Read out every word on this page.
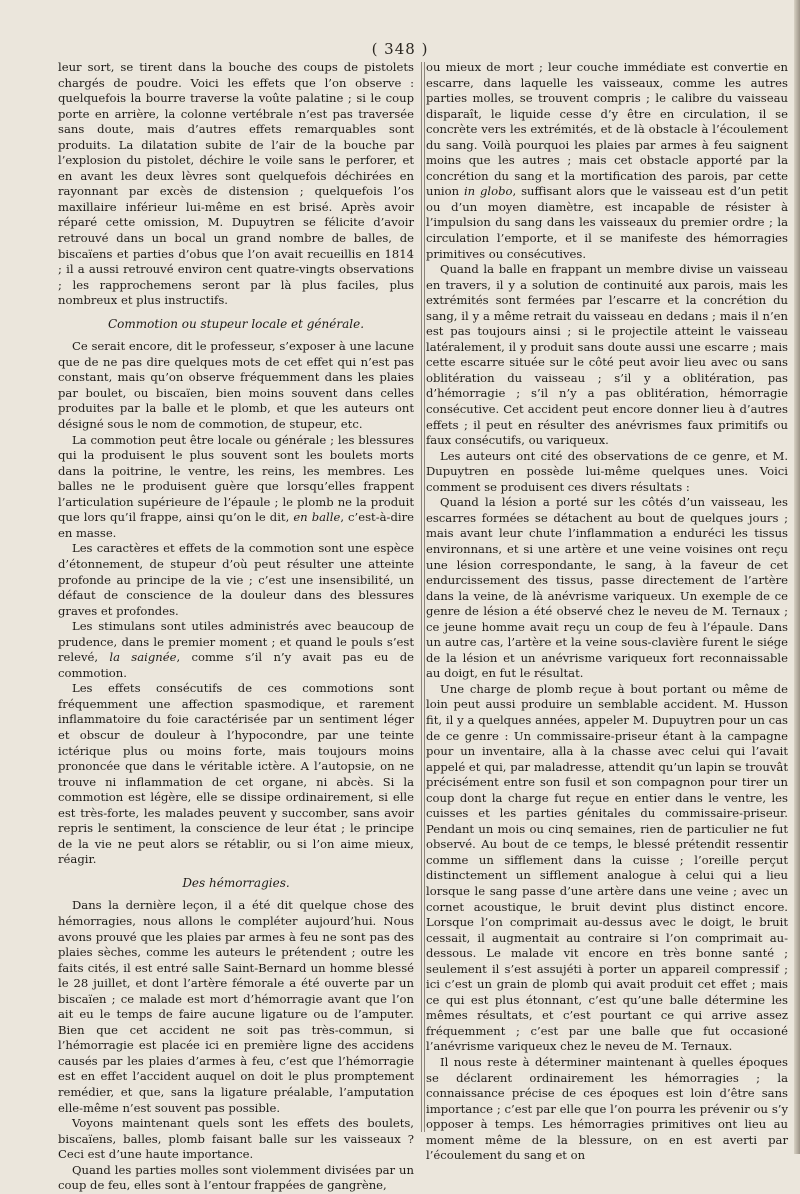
( 348 )

leur sort, se tirent dans la bouche des coups de pistolets chargés de poudre. Voici les effets que l’on observe : quelquefois la bourre traverse la voûte palatine ; si le coup porte en arrière, la colonne vertébrale n’est pas traversée sans doute, mais d’autres effets remarquables sont produits. La dilatation subite de l’air de la bouche par l’explosion du pistolet, déchire le voile sans le perforer, et en avant les deux lèvres sont quelquefois déchirées en rayonnant par excès de distension ; quelquefois l’os maxillaire inférieur lui-même en est brisé. Après avoir réparé cette omission, M. Dupuytren se félicite d’avoir retrouvé dans un bocal un grand nombre de balles, de biscaïens et parties d’obus que l’on avait recueillis en 1814 ; il a aussi retrouvé environ cent quatre-vingts observations ; les rapprochemens seront par là plus faciles, plus nombreux et plus instructifs.

Commotion ou stupeur locale et générale.

Ce serait encore, dit le professeur, s’exposer à une lacune que de ne pas dire quelques mots de cet effet qui n’est pas constant, mais qu’on observe fréquemment dans les plaies par boulet, ou biscaïen, bien moins souvent dans celles produites par la balle et le plomb, et que les auteurs ont désigné sous le nom de commotion, de stupeur, etc.

La commotion peut être locale ou générale ; les blessures qui la produisent le plus souvent sont les boulets morts dans la poitrine, le ventre, les reins, les membres. Les balles ne le produisent guère que lorsqu’elles frappent l’articulation supérieure de l’épaule ; le plomb ne la produit que lors qu’il frappe, ainsi qu’on le dit, en balle, c’est-à-dire en masse.

Les caractères et effets de la commotion sont une espèce d’étonnement, de stupeur d’où peut résulter une atteinte profonde au principe de la vie ; c’est une insensibilité, un défaut de conscience de la douleur dans des blessures graves et profondes.

Les stimulans sont utiles administrés avec beaucoup de prudence, dans le premier moment ; et quand le pouls s’est relevé, la saignée, comme s’il n’y avait pas eu de commotion.

Les effets consécutifs de ces commotions sont fréquemment une affection spasmodique, et rarement inflammatoire du foie caractérisée par un sentiment léger et obscur de douleur à l’hypocondre, par une teinte ictérique plus ou moins forte, mais toujours moins prononcée que dans le véritable ictère. A l’autopsie, on ne trouve ni inflammation de cet organe, ni abcès. Si la commotion est légère, elle se dissipe ordinairement, si elle est très-forte, les malades peuvent y succomber, sans avoir repris le sentiment, la conscience de leur état ; le principe de la vie ne peut alors se rétablir, ou si l’on aime mieux, réagir.

Des hémorragies.

Dans la dernière leçon, il a été dit quelque chose des hémorragies, nous allons le compléter aujourd’hui. Nous avons prouvé que les plaies par armes à feu ne sont pas des plaies sèches, comme les auteurs le prétendent ; outre les faits cités, il est entré salle Saint-Bernard un homme blessé le 28 juillet, et dont l’artère fémorale a été ouverte par un biscaïen ; ce malade est mort d’hémorragie avant que l’on ait eu le temps de faire aucune ligature ou de l’amputer. Bien que cet accident ne soit pas très-commun, si l’hémorragie est placée ici en première ligne des accidens causés par les plaies d’armes à feu, c’est que l’hémorragie est en effet l’accident auquel on doit le plus promptement remédier, et que, sans la ligature préalable, l’amputation elle-même n’est souvent pas possible.

Voyons maintenant quels sont les effets des boulets, biscaïens, balles, plomb faisant balle sur les vaisseaux ? Ceci est d’une haute importance.

Quand les parties molles sont violemment divisées par un coup de feu, elles sont à l’entour frappées de gangrène,

ou mieux de mort ; leur couche immédiate est convertie en escarre, dans laquelle les vaisseaux, comme les autres parties molles, se trouvent compris ; le calibre du vaisseau disparaît, le liquide cesse d’y être en circulation, il se concrète vers les extrémités, et de là obstacle à l’écoulement du sang. Voilà pourquoi les plaies par armes à feu saignent moins que les autres ; mais cet obstacle apporté par la concrétion du sang et la mortification des parois, par cette union in globo, suffisant alors que le vaisseau est d’un petit ou d’un moyen diamètre, est incapable de résister à l’impulsion du sang dans les vaisseaux du premier ordre ; la circulation l’emporte, et il se manifeste des hémorragies primitives ou consécutives.

Quand la balle en frappant un membre divise un vaisseau en travers, il y a solution de continuité aux parois, mais les extrémités sont fermées par l’escarre et la concrétion du sang, il y a même retrait du vaisseau en dedans ; mais il n’en est pas toujours ainsi ; si le projectile atteint le vaisseau latéralement, il y produit sans doute aussi une escarre ; mais cette escarre située sur le côté peut avoir lieu avec ou sans oblitération du vaisseau ; s’il y a oblitération, pas d’hémorragie ; s’il n’y a pas oblitération, hémorragie consécutive. Cet accident peut encore donner lieu à d’autres effets ; il peut en résulter des anévrismes faux primitifs ou faux consécutifs, ou variqueux.

Les auteurs ont cité des observations de ce genre, et M. Dupuytren en possède lui-même quelques unes. Voici comment se produisent ces divers résultats :

Quand la lésion a porté sur les côtés d’un vaisseau, les escarres formées se détachent au bout de quelques jours ; mais avant leur chute l’inflammation a enduréci les tissus environnans, et si une artère et une veine voisines ont reçu une lésion correspondante, le sang, à la faveur de cet endurcissement des tissus, passe directement de l’artère dans la veine, de là anévrisme variqueux. Un exemple de ce genre de lésion a été observé chez le neveu de M. Ternaux ; ce jeune homme avait reçu un coup de feu à l’épaule. Dans un autre cas, l’artère et la veine sous-clavière furent le siége de la lésion et un anévrisme variqueux fort reconnaissable au doigt, en fut le résultat.

Une charge de plomb reçue à bout portant ou même de loin peut aussi produire un semblable accident. M. Husson fit, il y a quelques années, appeler M. Dupuytren pour un cas de ce genre : Un commissaire-priseur étant à la campagne pour un inventaire, alla à la chasse avec celui qui l’avait appelé et qui, par maladresse, attendit qu’un lapin se trouvât précisément entre son fusil et son compagnon pour tirer un coup dont la charge fut reçue en entier dans le ventre, les cuisses et les parties génitales du commissaire-priseur. Pendant un mois ou cinq semaines, rien de particulier ne fut observé. Au bout de ce temps, le blessé prétendit ressentir comme un sifflement dans la cuisse ; l’oreille perçut distinctement un sifflement analogue à celui qui a lieu lorsque le sang passe d’une artère dans une veine ; avec un cornet acoustique, le bruit devint plus distinct encore. Lorsque l’on comprimait au-dessus avec le doigt, le bruit cessait, il augmentait au contraire si l’on comprimait au-dessous. Le malade vit encore en très bonne santé ; seulement il s’est assujéti à porter un appareil compressif ; ici c’est un grain de plomb qui avait produit cet effet ; mais ce qui est plus étonnant, c’est qu’une balle détermine les mêmes résultats, et c’est pourtant ce qui arrive assez fréquemment ; c’est par une balle que fut occasioné l’anévrisme variqueux chez le neveu de M. Ternaux.

Il nous reste à déterminer maintenant à quelles époques se déclarent ordinairement les hémorragies ; la connaissance précise de ces époques est loin d’être sans importance ; c’est par elle que l’on pourra les prévenir ou s’y opposer à temps. Les hémorragies primitives ont lieu au moment même de la blessure, on en est averti par l’écoulement du sang et on
